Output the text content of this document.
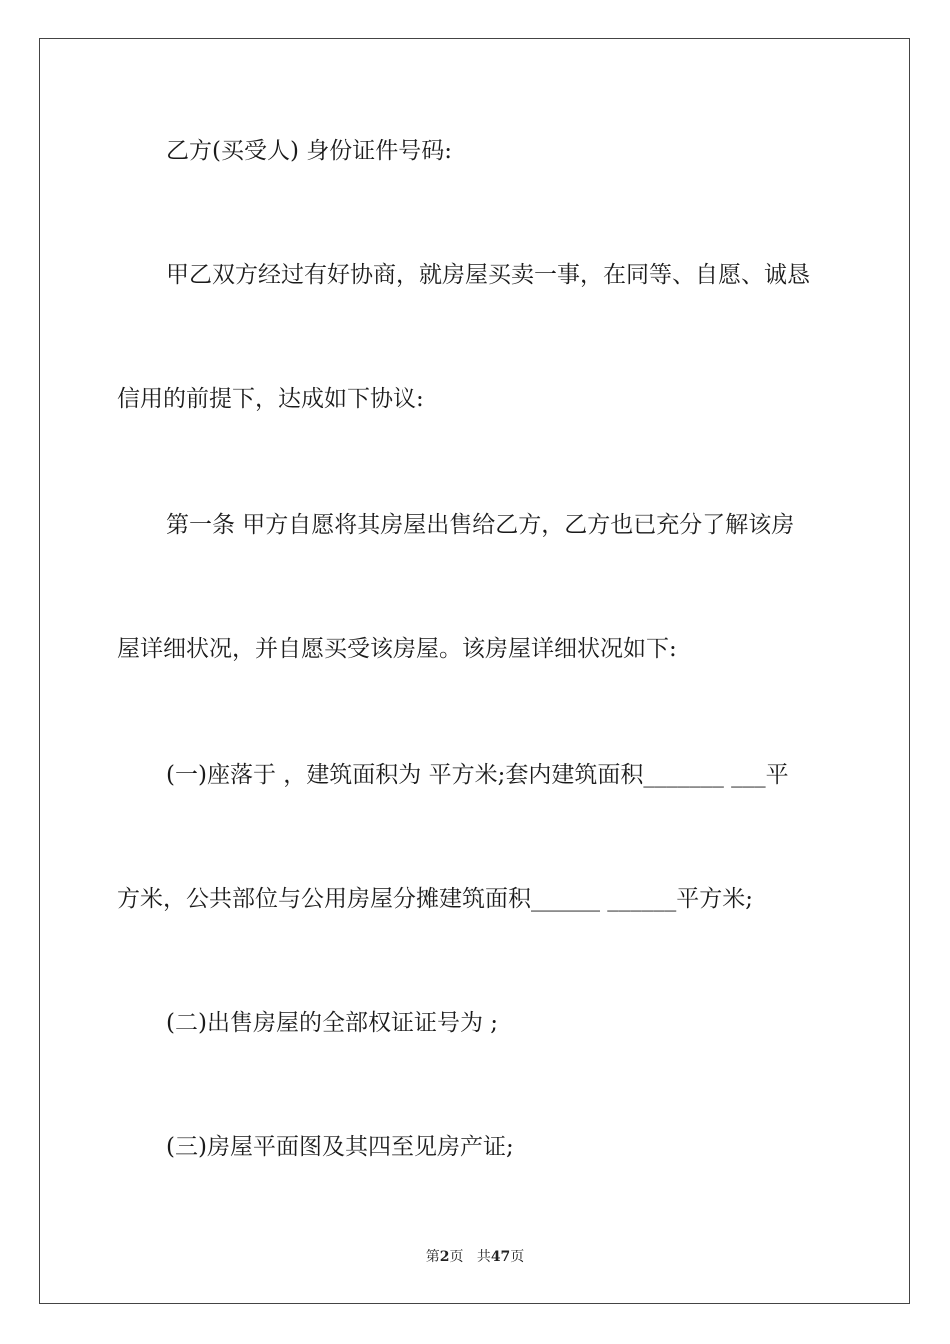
乙方(买受人) 身份证件号码:
甲乙双方经过有好协商，就房屋买卖一事，在同等、自愿、诚恳
信用的前提下，达成如下协议:
第一条 甲方自愿将其房屋出售给乙方，乙方也已充分了解该房
屋详细状况，并自愿买受该房屋。该房屋详细状况如下:
(一)座落于 ，建筑面积为 平方米;套内建筑面积_______ ___平
方米，公共部位与公用房屋分摊建筑面积______ ______平方米;
(二)出售房屋的全部权证证号为 ;
(三)房屋平面图及其四至见房产证;
第2页 共47页
